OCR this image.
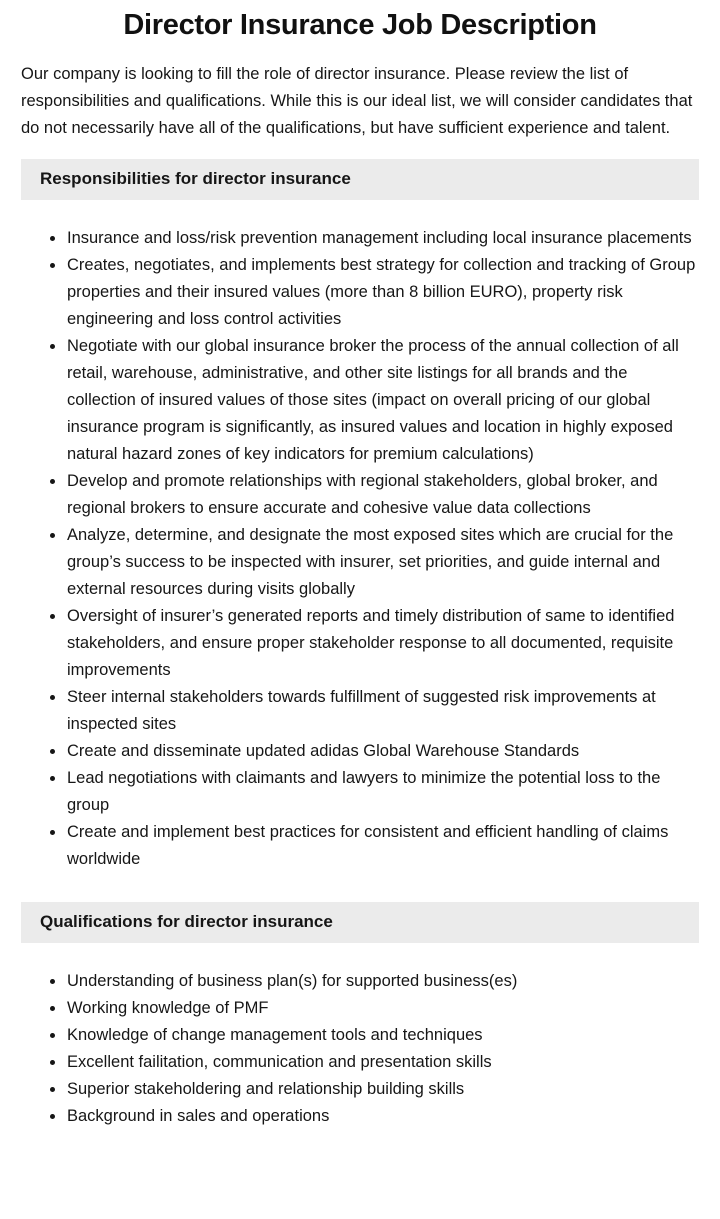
Director Insurance Job Description

Our company is looking to fill the role of director insurance. Please review the list of responsibilities and qualifications. While this is our ideal list, we will consider candidates that do not necessarily have all of the qualifications, but have sufficient experience and talent.

Responsibilities for director insurance
Insurance and loss/risk prevention management including local insurance placements
Creates, negotiates, and implements best strategy for collection and tracking of Group properties and their insured values (more than 8 billion EURO), property risk engineering and loss control activities
Negotiate with our global insurance broker the process of the annual collection of all retail, warehouse, administrative, and other site listings for all brands and the collection of insured values of those sites (impact on overall pricing of our global insurance program is significantly, as insured values and location in highly exposed natural hazard zones of key indicators for premium calculations)
Develop and promote relationships with regional stakeholders, global broker, and regional brokers to ensure accurate and cohesive value data collections
Analyze, determine, and designate the most exposed sites which are crucial for the group’s success to be inspected with insurer, set priorities, and guide internal and external resources during visits globally
Oversight of insurer’s generated reports and timely distribution of same to identified stakeholders, and ensure proper stakeholder response to all documented, requisite improvements
Steer internal stakeholders towards fulfillment of suggested risk improvements at inspected sites
Create and disseminate updated adidas Global Warehouse Standards
Lead negotiations with claimants and lawyers to minimize the potential loss to the group
Create and implement best practices for consistent and efficient handling of claims worldwide
Qualifications for director insurance
Understanding of business plan(s) for supported business(es)
Working knowledge of PMF
Knowledge of change management tools and techniques
Excellent failitation, communication and presentation skills
Superior stakeholdering and relationship building skills
Background in sales and operations
